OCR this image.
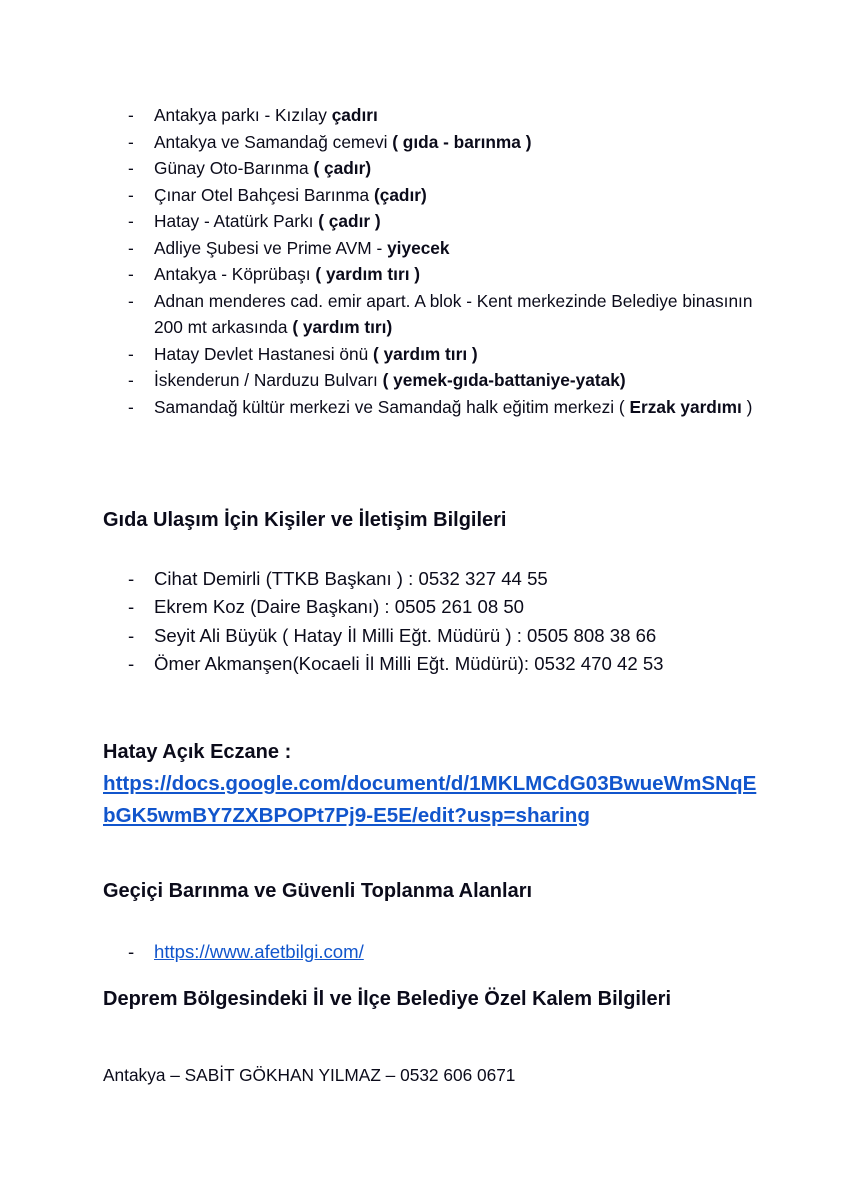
- Antakya parkı - Kızılay çadırı
- Antakya ve Samandağ cemevi ( gıda - barınma )
- Günay Oto-Barınma ( çadır)
- Çınar Otel Bahçesi Barınma (çadır)
- Hatay - Atatürk Parkı ( çadır )
- Adliye Şubesi ve Prime AVM - yiyecek
- Antakya - Köprübaşı ( yardım tırı )
- Adnan menderes cad. emir apart. A blok - Kent merkezinde Belediye binasının 200 mt arkasında ( yardım tırı)
- Hatay Devlet Hastanesi önü ( yardım tırı )
- İskenderun / Narduzu Bulvarı ( yemek-gıda-battaniye-yatak)
- Samandağ kültür merkezi ve Samandağ halk eğitim merkezi ( Erzak yardımı )
Gıda Ulaşım İçin Kişiler ve İletişim Bilgileri
- Cihat Demirli (TTKB Başkanı ) : 0532 327 44 55
- Ekrem Koz (Daire Başkanı) : 0505 261 08 50
- Seyit Ali Büyük ( Hatay İl Milli Eğt. Müdürü ) : 0505 808 38 66
- Ömer Akmanşen(Kocaeli İl Milli Eğt. Müdürü): 0532 470 42 53
Hatay Açık Eczane :
https://docs.google.com/document/d/1MKLMCdG03BwueWmSNqEbGK5wmBY7ZXBPOPt7Pj9-E5E/edit?usp=sharing
Geçiçi Barınma ve Güvenli Toplanma Alanları
- https://www.afetbilgi.com/
Deprem Bölgesindeki İl ve İlçe Belediye Özel Kalem Bilgileri

Antakya – SABİT GÖKHAN YILMAZ – 0532 606 0671
